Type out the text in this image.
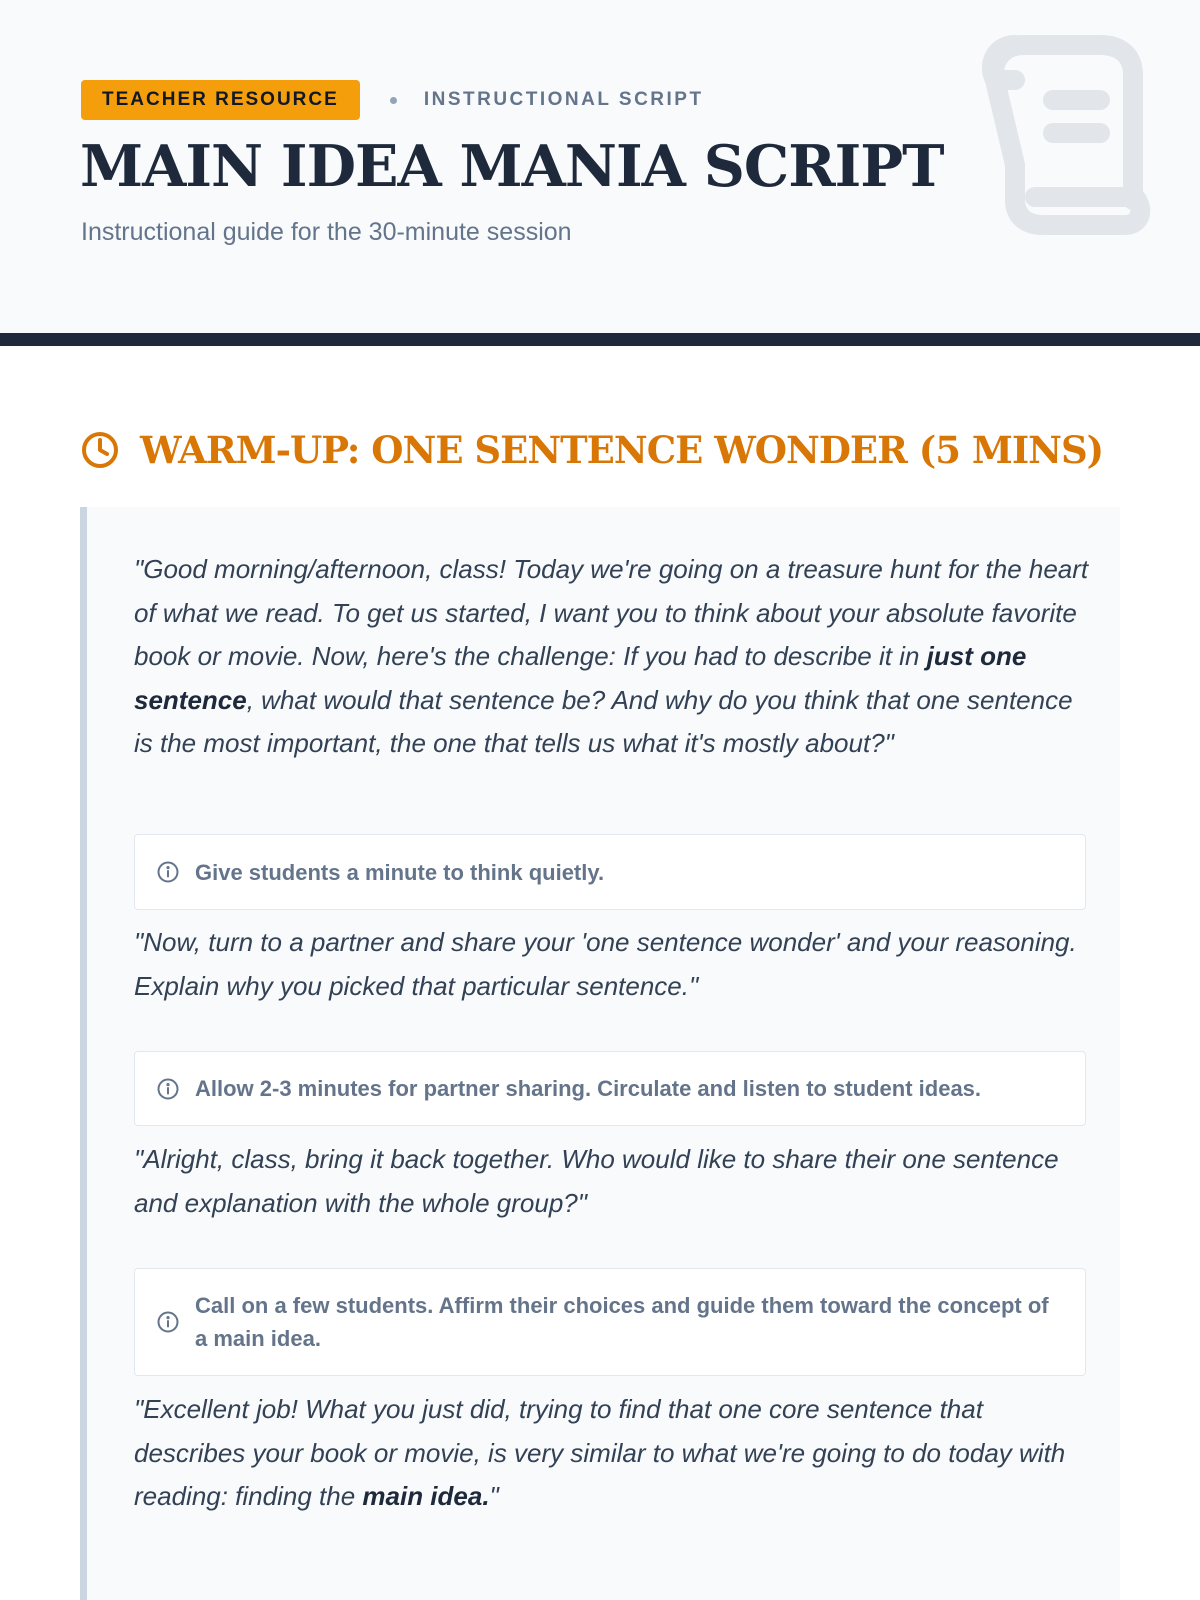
TEACHER RESOURCE	INSTRUCTIONAL SCRIPT
MAIN IDEA MANIA SCRIPT
Instructional guide for the 30-minute session
WARM-UP: ONE SENTENCE WONDER (5 MINS)

"Good morning/afternoon, class! Today we're going on a treasure hunt for the heart of what we read. To get us started, I want you to think about your absolute favorite book or movie. Now, here's the challenge: If you had to describe it in just one sentence, what would that sentence be? And why do you think that one sentence is the most important, the one that tells us what it's mostly about?"

Give students a minute to think quietly.

"Now, turn to a partner and share your 'one sentence wonder' and your reasoning. Explain why you picked that particular sentence."

Allow 2-3 minutes for partner sharing. Circulate and listen to student ideas.

"Alright, class, bring it back together. Who would like to share their one sentence and explanation with the whole group?"

Call on a few students. Affirm their choices and guide them toward the concept of a main idea.

"Excellent job! What you just did, trying to find that one core sentence that describes your book or movie, is very similar to what we're going to do today with reading: finding the main idea."
